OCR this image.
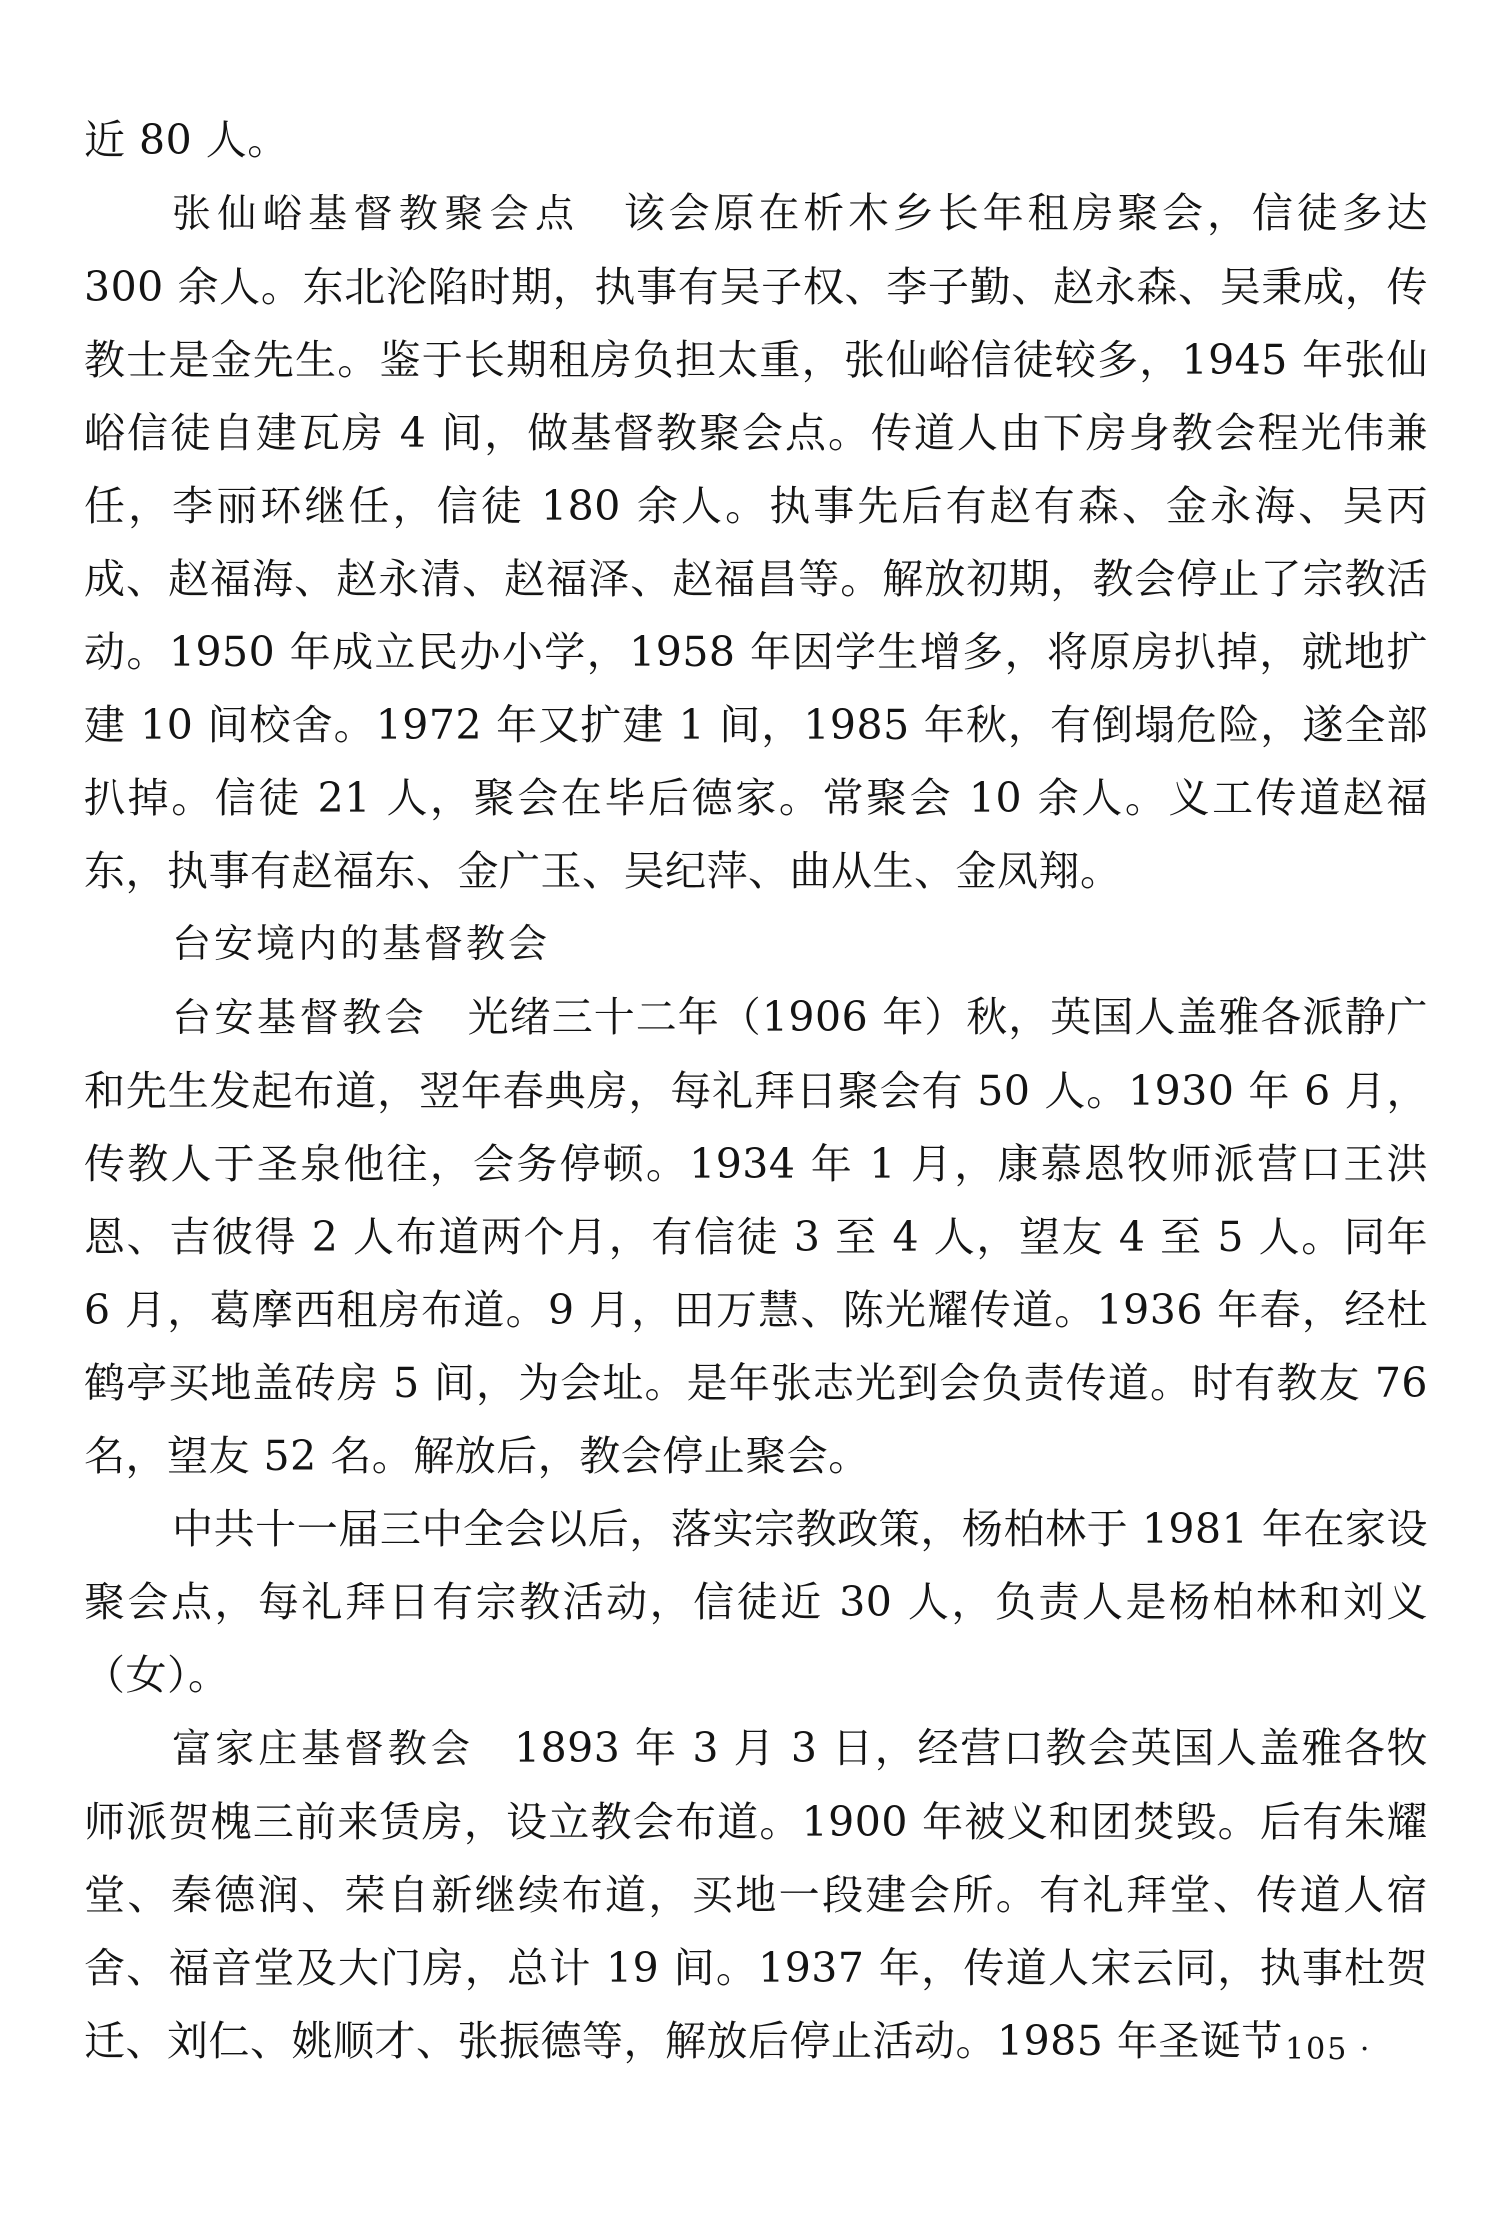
近 80 人。

张仙峪基督教聚会点 该会原在析木乡长年租房聚会，信徒多达 300 余人。东北沦陷时期，执事有吴子权、李子勤、赵永森、吴秉成，传教士是金先生。鉴于长期租房负担太重，张仙峪信徒较多，1945 年张仙峪信徒自建瓦房 4 间，做基督教聚会点。传道人由下房身教会程光伟兼任，李丽环继任，信徒 180 余人。执事先后有赵有森、金永海、吴丙成、赵福海、赵永清、赵福泽、赵福昌等。解放初期，教会停止了宗教活动。1950 年成立民办小学，1958 年因学生增多，将原房扒掉，就地扩建 10 间校舍。1972 年又扩建 1 间，1985 年秋，有倒塌危险，遂全部扒掉。信徒 21 人，聚会在毕后德家。常聚会 10 余人。义工传道赵福东，执事有赵福东、金广玉、吴纪萍、曲从生、金凤翔。

台安境内的基督教会

台安基督教会 光绪三十二年（1906 年）秋，英国人盖雅各派静广和先生发起布道，翌年春典房，每礼拜日聚会有 50 人。1930 年 6 月，传教人于圣泉他往，会务停顿。1934 年 1 月，康慕恩牧师派营口王洪恩、吉彼得 2 人布道两个月，有信徒 3 至 4 人，望友 4 至 5 人。同年 6 月，葛摩西租房布道。9 月，田万慧、陈光耀传道。1936 年春，经杜鹤亭买地盖砖房 5 间，为会址。是年张志光到会负责传道。时有教友 76 名，望友 52 名。解放后，教会停止聚会。

中共十一届三中全会以后，落实宗教政策，杨柏林于 1981 年在家设聚会点，每礼拜日有宗教活动，信徒近 30 人，负责人是杨柏林和刘义（女）。

富家庄基督教会 1893 年 3 月 3 日，经营口教会英国人盖雅各牧师派贺槐三前来赁房，设立教会布道。1900 年被义和团焚毁。后有朱耀堂、秦德润、荣自新继续布道，买地一段建会所。有礼拜堂、传道人宿舍、福音堂及大门房，总计 19 间。1937 年，传道人宋云同，执事杜贺迁、刘仁、姚顺才、张振德等，解放后停止活动。1985 年圣诞节

· 105 ·
